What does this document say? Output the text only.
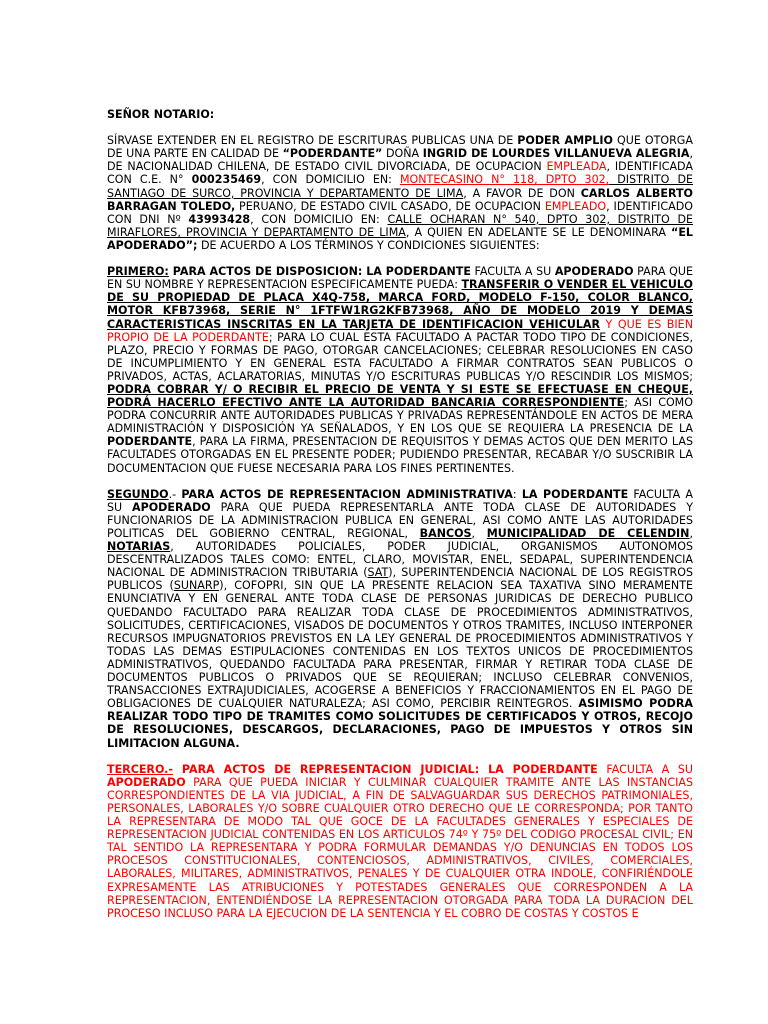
SEÑOR NOTARIO:

SÍRVASE EXTENDER EN EL REGISTRO DE ESCRITURAS PUBLICAS UNA DE PODER AMPLIO QUE OTORGA DE UNA PARTE EN CALIDAD DE “PODERDANTE” DOÑA INGRID DE LOURDES VILLANUEVA ALEGRIA, DE NACIONALIDAD CHILENA, DE ESTADO CIVIL DIVORCIADA, DE OCUPACION EMPLEADA, IDENTIFICADA CON C.E. N° 000235469, CON DOMICILIO EN: MONTECASINO N° 118, DPTO 302, DISTRITO DE SANTIAGO DE SURCO, PROVINCIA Y DEPARTAMENTO DE LIMA, A FAVOR DE DON CARLOS ALBERTO BARRAGAN TOLEDO, PERUANO, DE ESTADO CIVIL CASADO, DE OCUPACION EMPLEADO, IDENTIFICADO CON DNI Nº 43993428, CON DOMICILIO EN: CALLE OCHARAN N° 540, DPTO 302, DISTRITO DE MIRAFLORES, PROVINCIA Y DEPARTAMENTO DE LIMA, A QUIEN EN ADELANTE SE LE DENOMINARA “EL APODERADO”; DE ACUERDO A LOS TÉRMINOS Y CONDICIONES SIGUIENTES:

PRIMERO: PARA ACTOS DE DISPOSICION: LA PODERDANTE FACULTA A SU APODERADO PARA QUE EN SU NOMBRE Y REPRESENTACION ESPECIFICAMENTE PUEDA: TRANSFERIR O VENDER EL VEHICULO DE SU PROPIEDAD DE PLACA X4Q-758, MARCA FORD, MODELO F-150, COLOR BLANCO, MOTOR KFB73968, SERIE N° 1FTFW1RG2KFB73968, AÑO DE MODELO 2019 Y DEMAS CARACTERISTICAS INSCRITAS EN LA TARJETA DE IDENTIFICACION VEHICULAR Y QUE ES BIEN PROPIO DE LA PODERDANTE; PARA LO CUAL ESTA FACULTADO A PACTAR TODO TIPO DE CONDICIONES, PLAZO, PRECIO Y FORMAS DE PAGO, OTORGAR CANCELACIONES; CELEBRAR RESOLUCIONES EN CASO DE INCUMPLIMIENTO Y EN GENERAL ESTA FACULTADO A FIRMAR CONTRATOS SEAN PUBLICOS O PRIVADOS, ACTAS, ACLARATORIAS, MINUTAS Y/O ESCRITURAS PUBLICAS Y/O RESCINDIR LOS MISMOS; PODRA COBRAR Y/ O RECIBIR EL PRECIO DE VENTA Y SI ESTE SE EFECTUASE EN CHEQUE, PODRÁ HACERLO EFECTIVO ANTE LA AUTORIDAD BANCARIA CORRESPONDIENTE; ASI COMO PODRA CONCURRIR ANTE AUTORIDADES PUBLICAS Y PRIVADAS REPRESENTÁNDOLE EN ACTOS DE MERA ADMINISTRACIÓN Y DISPOSICIÓN YA SEÑALADOS, Y EN LOS QUE SE REQUIERA LA PRESENCIA DE LA PODERDANTE, PARA LA FIRMA, PRESENTACION DE REQUISITOS Y DEMAS ACTOS QUE DEN MERITO LAS FACULTADES OTORGADAS EN EL PRESENTE PODER; PUDIENDO PRESENTAR, RECABAR Y/O SUSCRIBIR LA DOCUMENTACION QUE FUESE NECESARIA PARA LOS FINES PERTINENTES.

SEGUNDO.- PARA ACTOS DE REPRESENTACION ADMINISTRATIVA: LA PODERDANTE FACULTA A SU APODERADO PARA QUE PUEDA REPRESENTARLA ANTE TODA CLASE DE AUTORIDADES Y FUNCIONARIOS DE LA ADMINISTRACION PUBLICA EN GENERAL, ASI COMO ANTE LAS AUTORIDADES POLITICAS DEL GOBIERNO CENTRAL, REGIONAL, BANCOS, MUNICIPALIDAD DE CELENDIN, NOTARIAS, AUTORIDADES POLICIALES, PODER JUDICIAL, ORGANISMOS AUTONOMOS DESCENTRALIZADOS TALES COMO: ENTEL, CLARO, MOVISTAR, ENEL, SEDAPAL, SUPERINTENDENCIA NACIONAL DE ADMINISTRACION TRIBUTARIA (SAT), SUPERINTENDENCIA NACIONAL DE LOS REGISTROS PUBLICOS (SUNARP), COFOPRI, SIN QUE LA PRESENTE RELACION SEA TAXATIVA SINO MERAMENTE ENUNCIATIVA Y EN GENERAL ANTE TODA CLASE DE PERSONAS JURIDICAS DE DERECHO PUBLICO QUEDANDO FACULTADO PARA REALIZAR TODA CLASE DE PROCEDIMIENTOS ADMINISTRATIVOS, SOLICITUDES, CERTIFICACIONES, VISADOS DE DOCUMENTOS Y OTROS TRAMITES, INCLUSO INTERPONER RECURSOS IMPUGNATORIOS PREVISTOS EN LA LEY GENERAL DE PROCEDIMIENTOS ADMINISTRATIVOS Y TODAS LAS DEMAS ESTIPULACIONES CONTENIDAS EN LOS TEXTOS UNICOS DE PROCEDIMIENTOS ADMINISTRATIVOS, QUEDANDO FACULTADA PARA PRESENTAR, FIRMAR Y RETIRAR TODA CLASE DE DOCUMENTOS PUBLICOS O PRIVADOS QUE SE REQUIERAN; INCLUSO CELEBRAR CONVENIOS, TRANSACCIONES EXTRAJUDICIALES, ACOGERSE A BENEFICIOS Y FRACCIONAMIENTOS EN EL PAGO DE OBLIGACIONES DE CUALQUIER NATURALEZA; ASI COMO, PERCIBIR REINTEGROS. ASIMISMO PODRA REALIZAR TODO TIPO DE TRAMITES COMO SOLICITUDES DE CERTIFICADOS Y OTROS, RECOJO DE RESOLUCIONES, DESCARGOS, DECLARACIONES, PAGO DE IMPUESTOS Y OTROS SIN LIMITACION ALGUNA.

TERCERO.- PARA ACTOS DE REPRESENTACION JUDICIAL: LA PODERDANTE FACULTA A SU APODERADO PARA QUE PUEDA INICIAR Y CULMINAR CUALQUIER TRAMITE ANTE LAS INSTANCIAS CORRESPONDIENTES DE LA VIA JUDICIAL, A FIN DE SALVAGUARDAR SUS DERECHOS PATRIMONIALES, PERSONALES, LABORALES Y/O SOBRE CUALQUIER OTRO DERECHO QUE LE CORRESPONDA; POR TANTO LA REPRESENTARA DE MODO TAL QUE GOCE DE LA FACULTADES GENERALES Y ESPECIALES DE REPRESENTACION JUDICIAL CONTENIDAS EN LOS ARTICULOS 74º Y 75º DEL CODIGO PROCESAL CIVIL; EN TAL SENTIDO LA REPRESENTARA Y PODRA FORMULAR DEMANDAS Y/O DENUNCIAS EN TODOS LOS PROCESOS CONSTITUCIONALES, CONTENCIOSOS, ADMINISTRATIVOS, CIVILES, COMERCIALES, LABORALES, MILITARES, ADMINISTRATIVOS, PENALES Y DE CUALQUIER OTRA INDOLE, CONFIRIÉNDOLE EXPRESAMENTE LAS ATRIBUCIONES Y POTESTADES GENERALES QUE CORRESPONDEN A LA REPRESENTACION, ENTENDIÉNDOSE LA REPRESENTACION OTORGADA PARA TODA LA DURACION DEL PROCESO INCLUSO PARA LA EJECUCION DE LA SENTENCIA Y EL COBRO DE COSTAS Y COSTOS E
